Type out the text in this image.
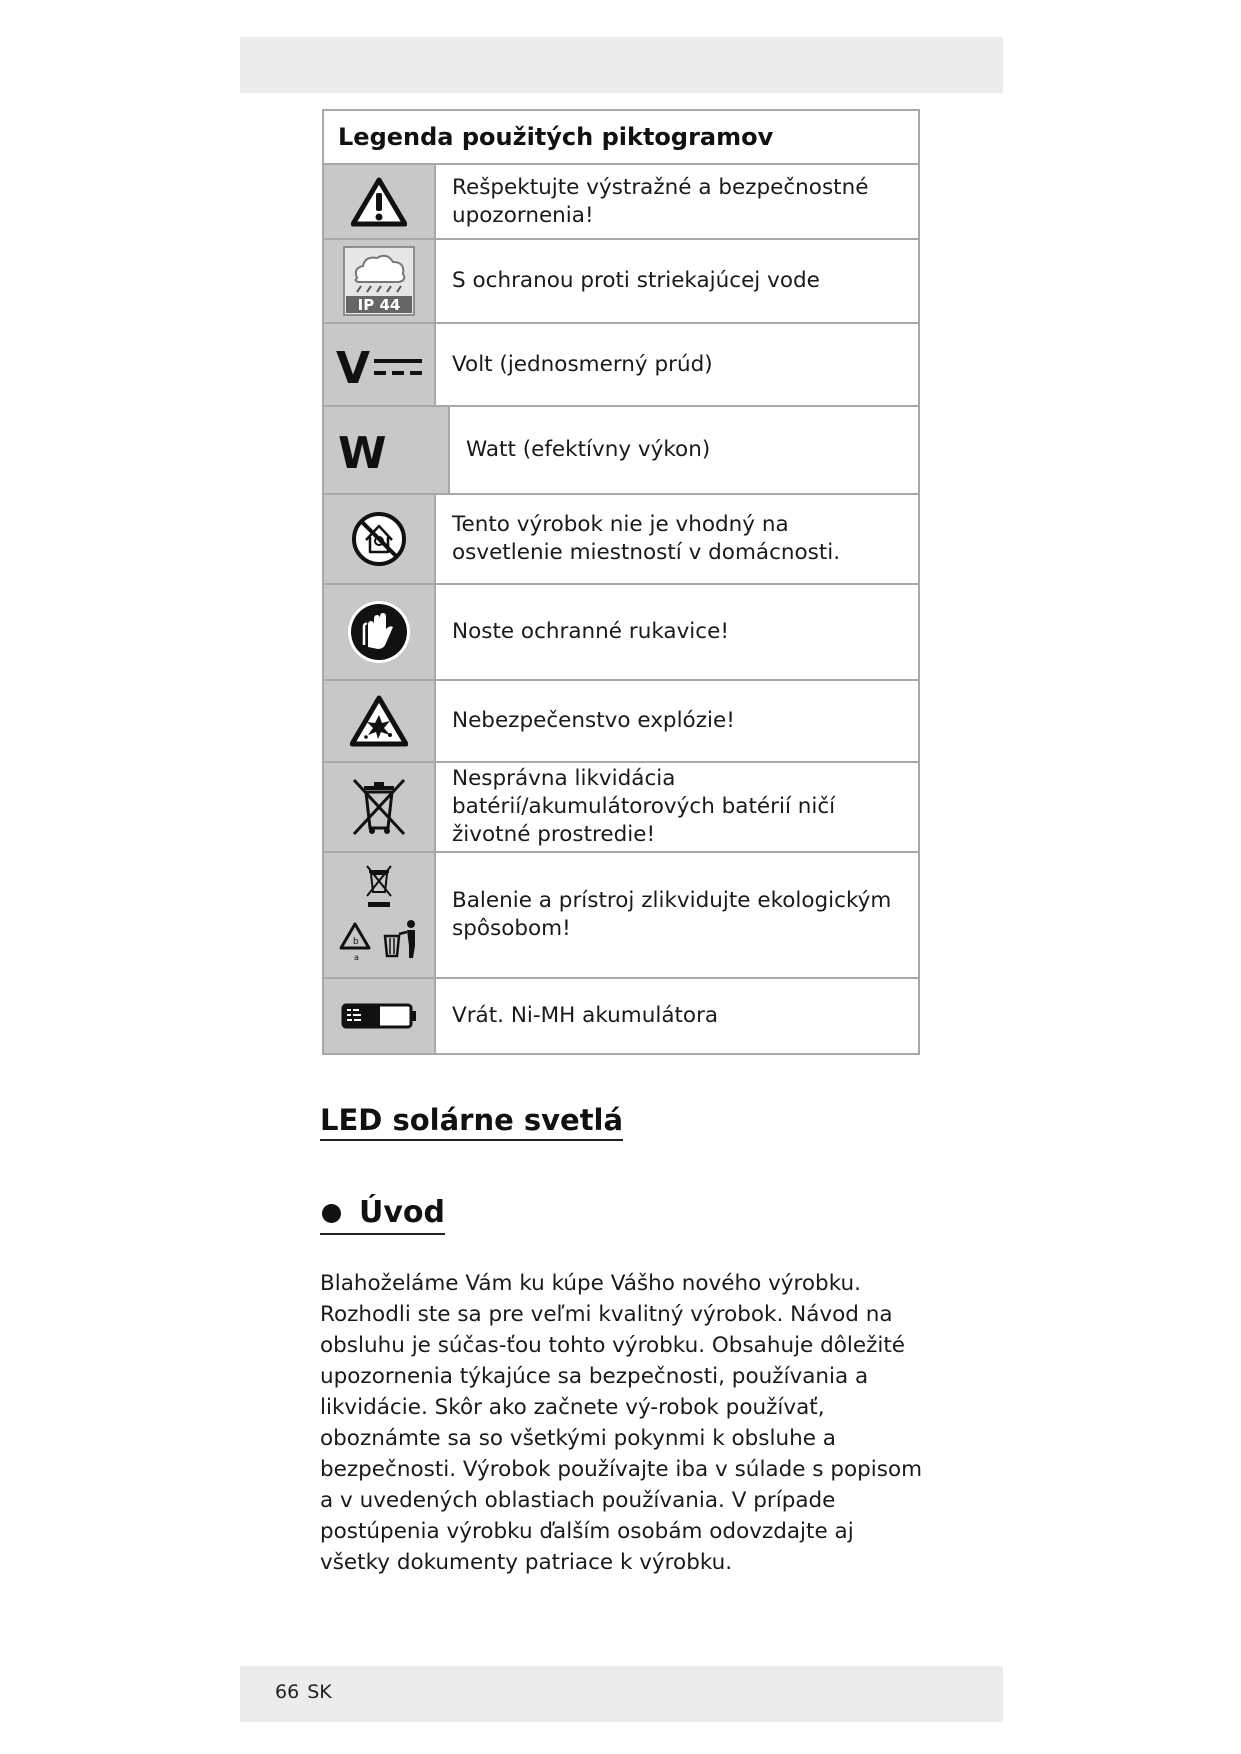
Legenda použitých piktogramov
Rešpektujte výstražné a bezpečnostné upozornenia!
IP 44
S ochranou proti striekajúcej vode
V	Volt (jednosmerný prúd)
W	Watt (efektívny výkon)
Tento výrobok nie je vhodný na osvetlenie miestností v domácnosti.
Noste ochranné rukavice!
Nebezpečenstvo explózie!
Nesprávna likvidácia batérií/akumulátorových batérií ničí životné prostredie!
b
a
Balenie a prístroj zlikvidujte ekologickým spôsobom!
Vrát. Ni-MH akumulátora
LED solárne svetlá
Úvod
Blahoželáme Vám ku kúpe Vášho nového výrobku. Rozhodli ste sa pre veľmi kvalitný výrobok. Návod na obsluhu je súčas-ťou tohto výrobku. Obsahuje dôležité upozornenia týkajúce sa bezpečnosti, používania a likvidácie. Skôr ako začnete vý-robok používať, oboznámte sa so všetkými pokynmi k obsluhe a bezpečnosti. Výrobok používajte iba v súlade s popisom a v uvedených oblastiach používania. V prípade postúpenia výrobku ďalším osobám odovzdajte aj všetky dokumenty patriace k výrobku.
66 SK
